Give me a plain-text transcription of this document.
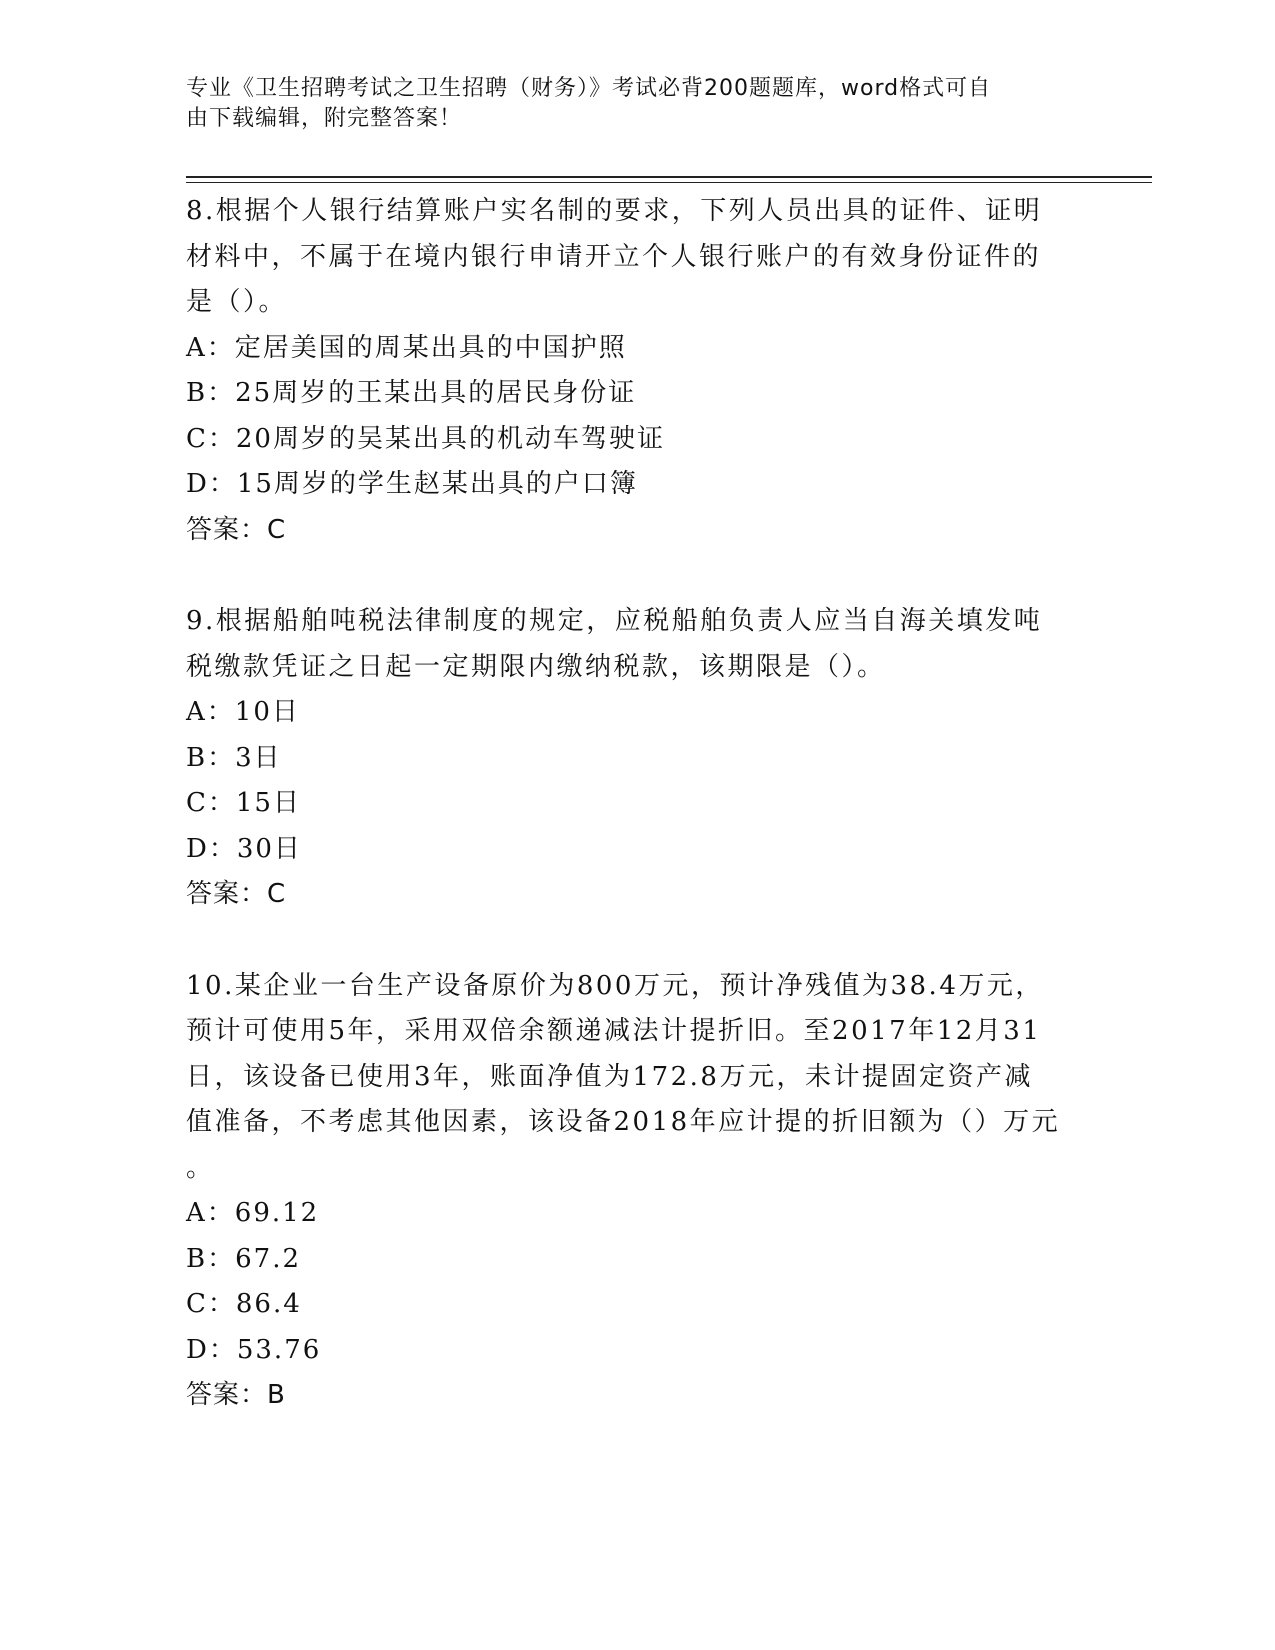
专业《卫生招聘考试之卫生招聘（财务）》考试必背200题题库，word格式可自
由下载编辑，附完整答案！
8.根据个人银行结算账户实名制的要求，下列人员出具的证件、证明
材料中，不属于在境内银行申请开立个人银行账户的有效身份证件的
是（）。
A：定居美国的周某出具的中国护照
B：25周岁的王某出具的居民身份证
C：20周岁的吴某出具的机动车驾驶证
D：15周岁的学生赵某出具的户口簿
答案：C
9.根据船舶吨税法律制度的规定，应税船舶负责人应当自海关填发吨
税缴款凭证之日起一定期限内缴纳税款，该期限是（）。
A：10日
B：3日
C：15日
D：30日
答案：C
10.某企业一台生产设备原价为800万元，预计净残值为38.4万元，
预计可使用5年，采用双倍余额递减法计提折旧。至2017年12月31
日，该设备已使用3年，账面净值为172.8万元，未计提固定资产减
值准备，不考虑其他因素，该设备2018年应计提的折旧额为（）万元
。
A：69.12
B：67.2
C：86.4
D：53.76
答案：B
